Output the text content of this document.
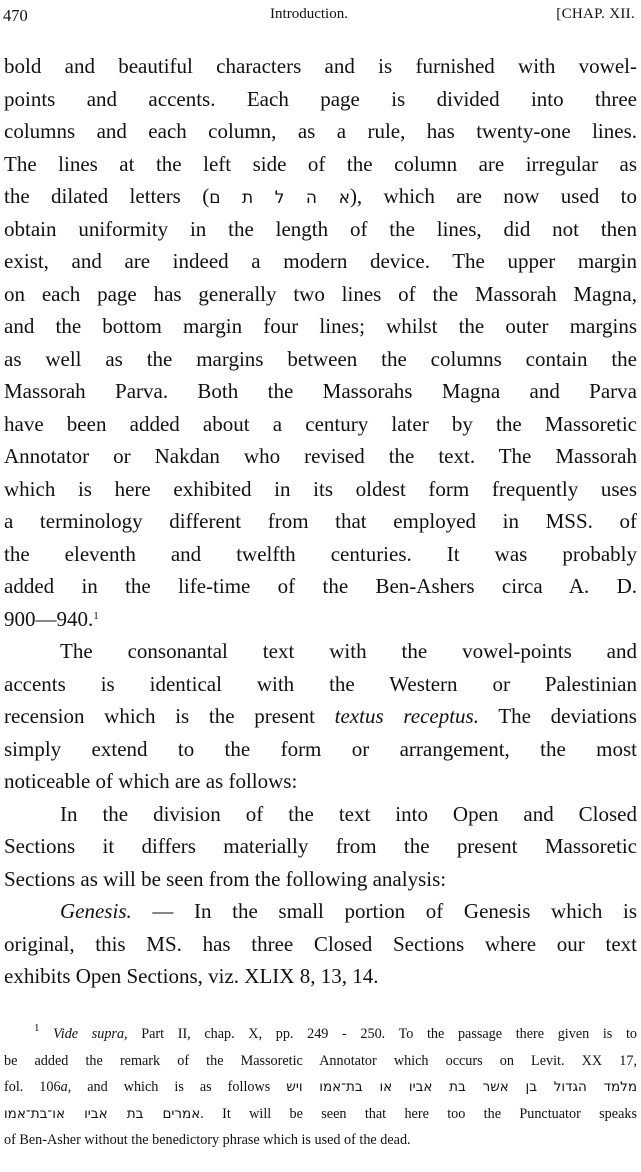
470	Introduction.	[CHAP. XII.
bold and beautiful characters and is furnished with vowel-
points and accents. Each page is divided into three
columns and each column, as a rule, has twenty-one lines.
The lines at the left side of the column are irregular as
the dilated letters (א ה ל ת ם), which are now used to
obtain uniformity in the length of the lines, did not then
exist, and are indeed a modern device. The upper margin
on each page has generally two lines of the Massorah Magna,
and the bottom margin four lines; whilst the outer margins
as well as the margins between the columns contain the
Massorah Parva. Both the Massorahs Magna and Parva
have been added about a century later by the Massoretic
Annotator or Nakdan who revised the text. The Massorah
which is here exhibited in its oldest form frequently uses
a terminology different from that employed in MSS. of
the eleventh and twelfth centuries. It was probably
added in the life-time of the Ben-Ashers circa A. D.
900—940.$^1$
The consonantal text with the vowel-points and
accents is identical with the Western or Palestinian
recension which is the present textus receptus. The deviations
simply extend to the form or arrangement, the most
noticeable of which are as follows:
In the division of the text into Open and Closed
Sections it differs materially from the present Massoretic
Sections as will be seen from the following analysis:
Genesis. — In the small portion of Genesis which is
original, this MS. has three Closed Sections where our text
exhibits Open Sections, viz. XLIX 8, 13, 14.
$^1$ Vide supra, Part II, chap. X, pp. 249 - 250. To the passage there given is to
be added the remark of the Massoretic Annotator which occurs on Levit. XX 17,
fol. 106a, and which is as follows מלמד הגדול בן אשר בת אביו או בת־אמו ויש
אמרים בת אביו או־בת־אמו. It will be seen that here too the Punctuator speaks
of Ben-Asher without the benedictory phrase which is used of the dead.
